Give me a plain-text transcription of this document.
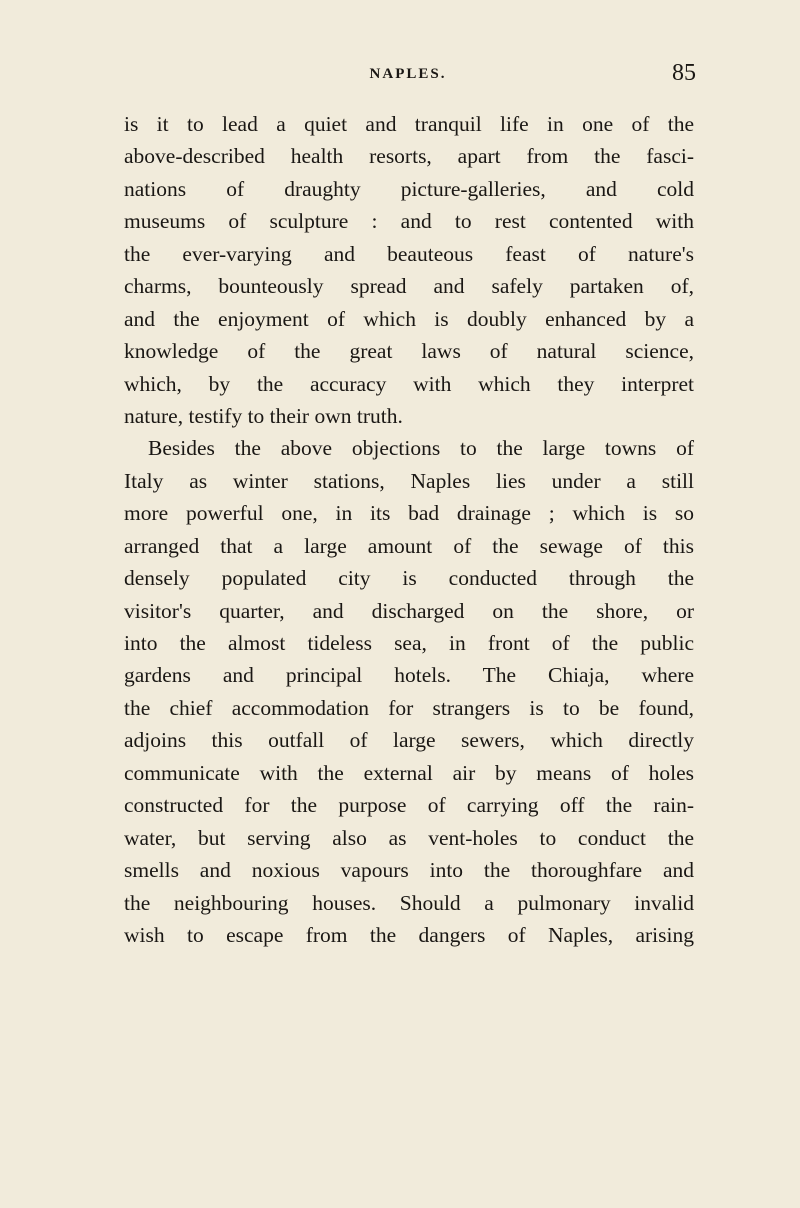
NAPLES.	85
is it to lead a quiet and tranquil life in one of the
above-described health resorts, apart from the fasci-
nations of draughty picture-galleries, and cold
museums of sculpture : and to rest contented with
the ever-varying and beauteous feast of nature's
charms, bounteously spread and safely partaken of,
and the enjoyment of which is doubly enhanced by a
knowledge of the great laws of natural science,
which, by the accuracy with which they interpret
nature, testify to their own truth.
Besides the above objections to the large towns of
Italy as winter stations, Naples lies under a still
more powerful one, in its bad drainage ; which is so
arranged that a large amount of the sewage of this
densely populated city is conducted through the
visitor's quarter, and discharged on the shore, or
into the almost tideless sea, in front of the public
gardens and principal hotels. The Chiaja, where
the chief accommodation for strangers is to be found,
adjoins this outfall of large sewers, which directly
communicate with the external air by means of holes
constructed for the purpose of carrying off the rain-
water, but serving also as vent-holes to conduct the
smells and noxious vapours into the thoroughfare and
the neighbouring houses. Should a pulmonary invalid
wish to escape from the dangers of Naples, arising
